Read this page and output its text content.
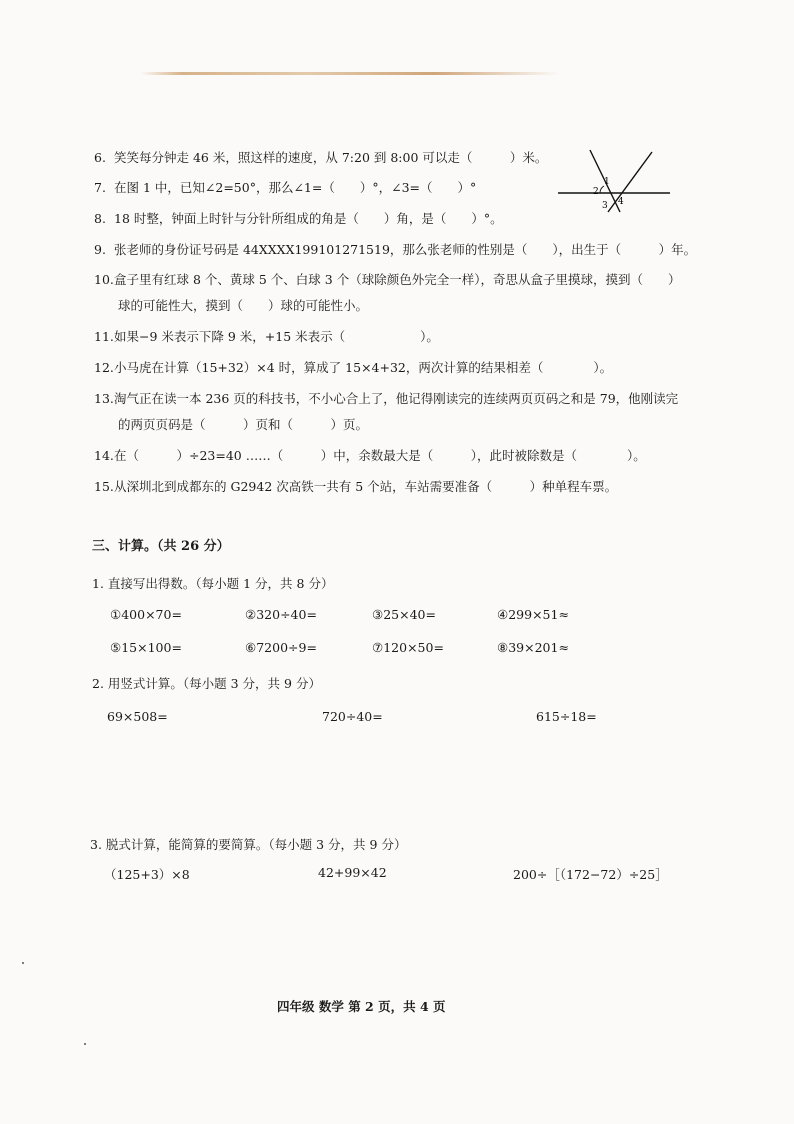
6. 笑笑每分钟走 46 米，照这样的速度，从 7:20 到 8:00 可以走（　　　）米。
7. 在图 1 中，已知∠2=50°，那么∠1=（　　）°，∠3=（　　）°
8. 18 时整，钟面上时针与分针所组成的角是（　　）角，是（　　）°。
9. 张老师的身份证号码是 44XXXX199101271519，那么张老师的性别是（　　），出生于（　　　）年。
10.盒子里有红球 8 个、黄球 5 个、白球 3 个（球除颜色外完全一样），奇思从盒子里摸球，摸到（　　）
球的可能性大，摸到（　　）球的可能性小。
11.如果−9 米表示下降 9 米，+15 米表示（　　　　　　）。
12.小马虎在计算（15+32）×4 时，算成了 15×4+32，两次计算的结果相差（　　　　）。
13.淘气正在读一本 236 页的科技书，不小心合上了，他记得刚读完的连续两页页码之和是 79，他刚读完
的两页页码是（　　　）页和（　　　）页。
14.在（　　　）÷23=40 ……（　　　）中，余数最大是（　　　），此时被除数是（　　　　）。
15.从深圳北到成都东的 G2942 次高铁一共有 5 个站，车站需要准备（　　　）种单程车票。
1
2
3 4
三、计算。（共 26 分）
1. 直接写出得数。（每小题 1 分，共 8 分）
①400×70=	②320÷40=	③25×40=	④299×51≈
⑤15×100=	⑥7200÷9=	⑦120×50=	⑧39×201≈
2. 用竖式计算。（每小题 3 分，共 9 分）
69×508=	720÷40=	615÷18=
3. 脱式计算，能简算的要简算。（每小题 3 分，共 9 分）
（125+3）×8	42+99×42	200÷［（172−72）÷25］
四年级 数学 第 2 页，共 4 页
